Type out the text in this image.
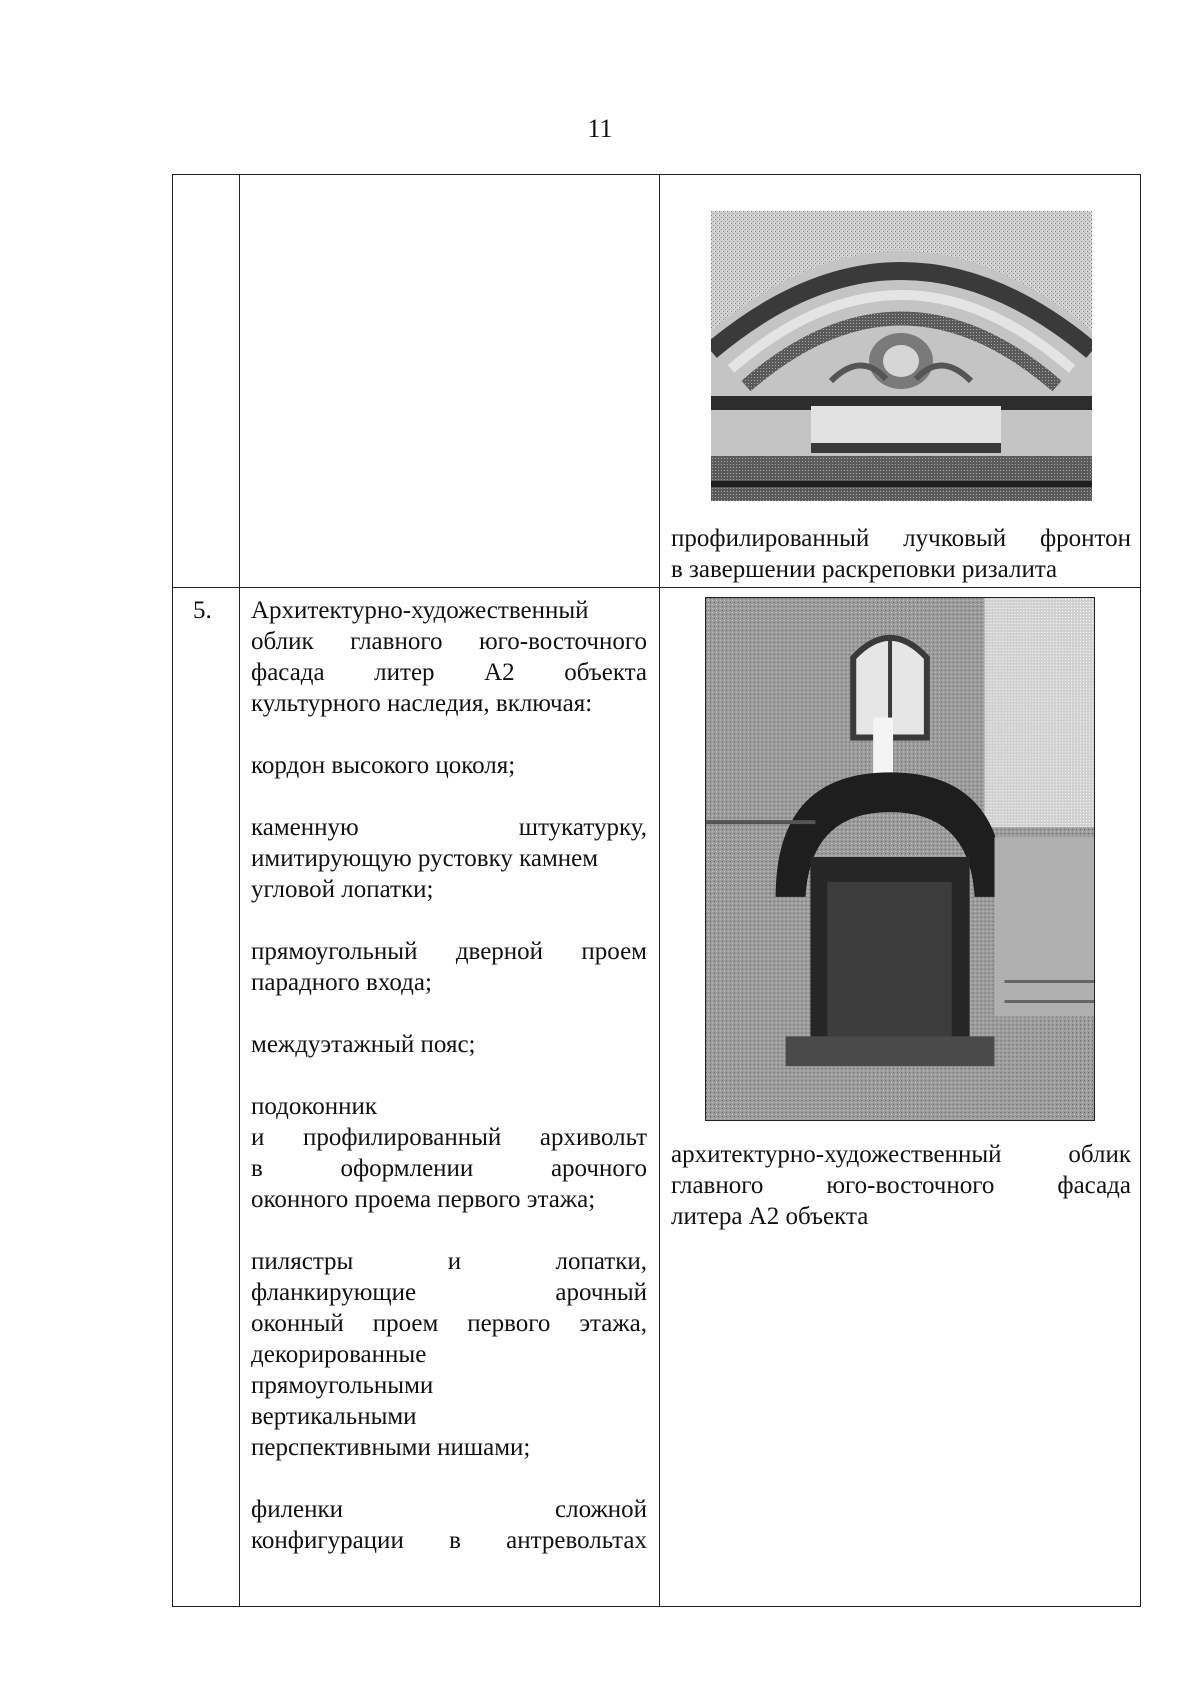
11
профилированный лучковый фронтон
в завершении раскреповки ризалита
5.	Архитектурно-художественный
облик главного юго-восточного
фасада литер А2 объекта
культурного наследия, включая:
кордон высокого цоколя;
каменную штукатурку,
имитирующую рустовку камнем
угловой лопатки;
прямоугольный дверной проем
парадного входа;
междуэтажный пояс;
подоконник
и профилированный архивольт
в оформлении арочного
оконного проема первого этажа;
пилястры и лопатки,
фланкирующие арочный
оконный проем первого этажа,
декорированные
прямоугольными
вертикальными
перспективными нишами;
филенки сложной
конфигурации в антревольтах
архитектурно-художественный облик
главного юго-восточного фасада
литера А2 объекта
